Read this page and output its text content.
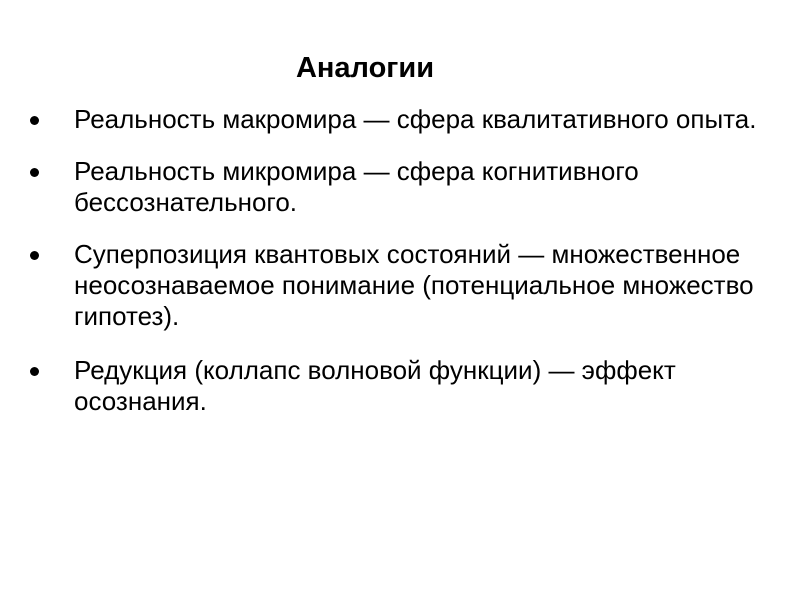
Аналогии
Реальность макромира — сфера квалитативного опыта.
Реальность микромира — сфера когнитивного бессознательного.
Суперпозиция квантовых состояний — множественное неосознаваемое понимание (потенциальное множество гипотез).
Редукция (коллапс волновой функции) — эффект осознания.
